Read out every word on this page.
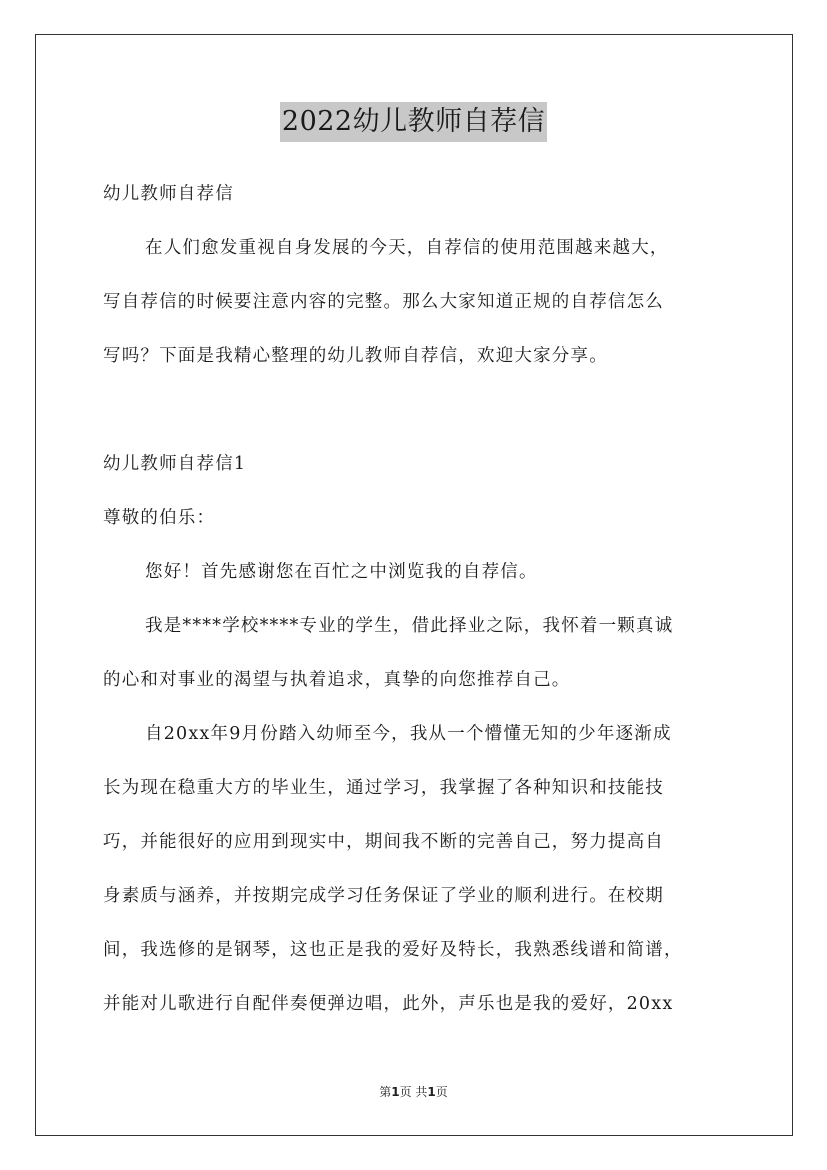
2022幼儿教师自荐信
幼儿教师自荐信
在人们愈发重视自身发展的今天，自荐信的使用范围越来越大，
写自荐信的时候要注意内容的完整。那么大家知道正规的自荐信怎么
写吗？下面是我精心整理的幼儿教师自荐信，欢迎大家分享。
幼儿教师自荐信1
尊敬的伯乐：
您好！首先感谢您在百忙之中浏览我的自荐信。
我是****学校****专业的学生，借此择业之际，我怀着一颗真诚
的心和对事业的渴望与执着追求，真挚的向您推荐自己。
自20xx年9月份踏入幼师至今，我从一个懵懂无知的少年逐渐成
长为现在稳重大方的毕业生，通过学习，我掌握了各种知识和技能技
巧，并能很好的应用到现实中，期间我不断的完善自己，努力提高自
身素质与涵养，并按期完成学习任务保证了学业的顺利进行。在校期
间，我选修的是钢琴，这也正是我的爱好及特长，我熟悉线谱和简谱，
并能对儿歌进行自配伴奏便弹边唱，此外，声乐也是我的爱好，20xx
第1页 共1页
